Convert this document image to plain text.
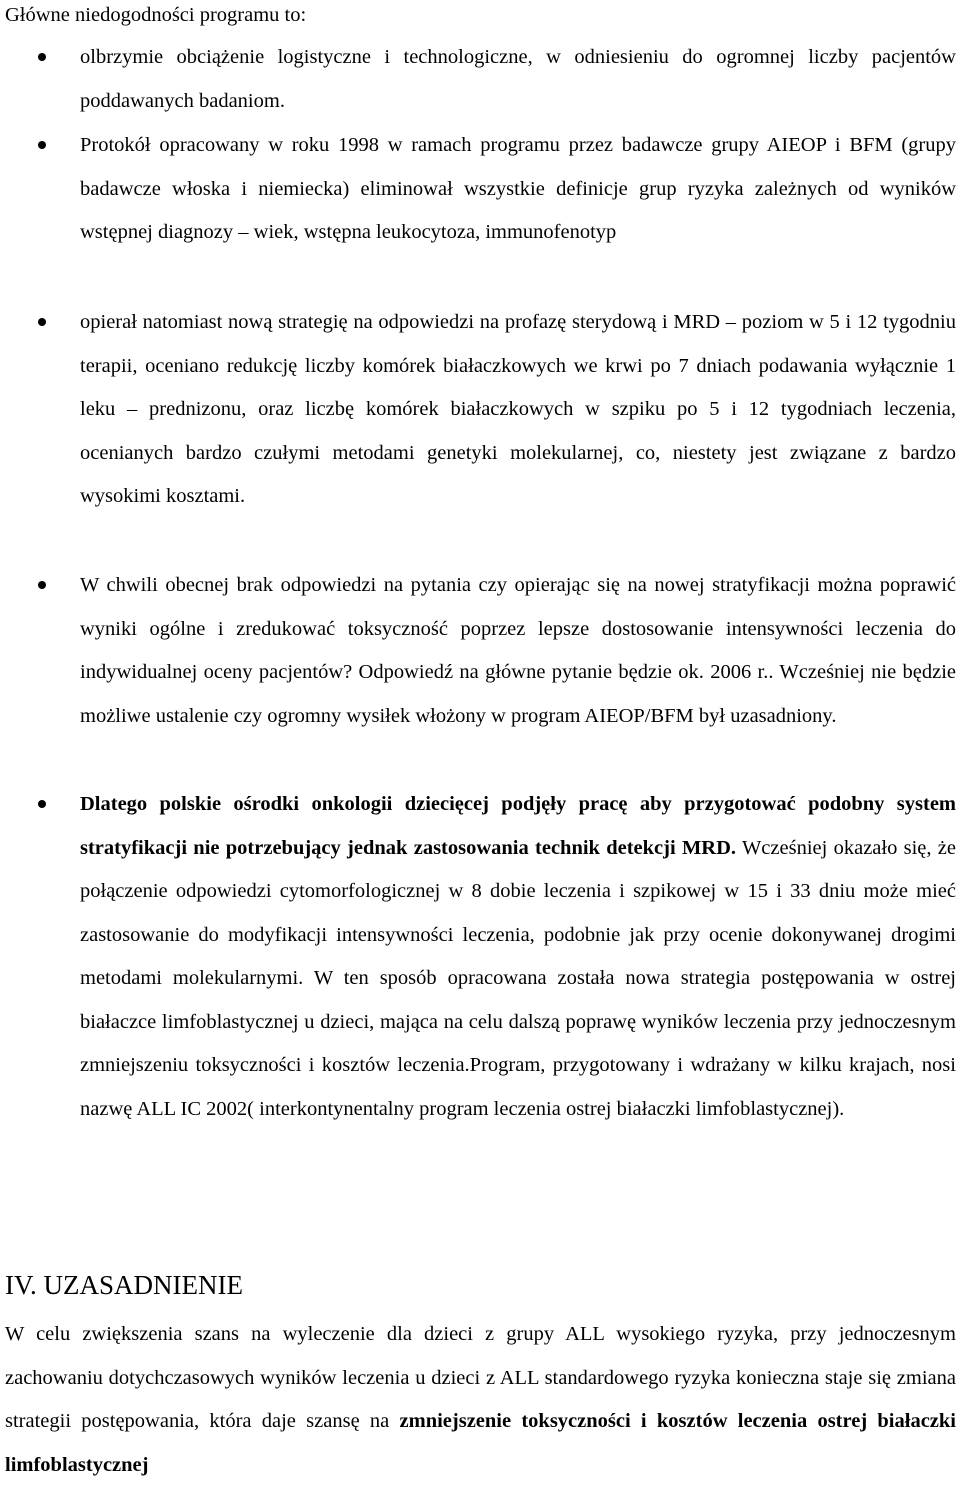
Główne niedogodności programu to:

olbrzymie obciążenie logistyczne i technologiczne, w odniesieniu do ogromnej liczby pacjentów poddawanych badaniom.
Protokół opracowany w roku 1998 w ramach programu przez badawcze grupy AIEOP i BFM (grupy badawcze włoska i niemiecka) eliminował wszystkie definicje grup ryzyka zależnych od wyników wstępnej diagnozy – wiek, wstępna leukocytoza, immunofenotyp
opierał natomiast nową strategię na odpowiedzi na profazę sterydową i MRD – poziom w 5 i 12 tygodniu terapii, oceniano redukcję liczby komórek białaczkowych we krwi po 7 dniach podawania wyłącznie 1 leku – prednizonu, oraz liczbę komórek białaczkowych w szpiku po 5 i 12 tygodniach leczenia, ocenianych bardzo czułymi metodami genetyki molekularnej, co, niestety jest związane z bardzo wysokimi kosztami.
W chwili obecnej brak odpowiedzi na pytania czy opierając się na nowej stratyfikacji można poprawić wyniki ogólne i zredukować toksyczność poprzez lepsze dostosowanie intensywności leczenia do indywidualnej oceny pacjentów? Odpowiedź na główne pytanie będzie ok. 2006 r.. Wcześniej nie będzie możliwe ustalenie czy ogromny wysiłek włożony w program AIEOP/BFM był uzasadniony.
Dlatego polskie ośrodki onkologii dziecięcej podjęły pracę aby przygotować podobny system stratyfikacji nie potrzebujący jednak zastosowania technik detekcji MRD. Wcześniej okazało się, że połączenie odpowiedzi cytomorfologicznej w 8 dobie leczenia i szpikowej w 15 i 33 dniu może mieć zastosowanie do modyfikacji intensywności leczenia, podobnie jak przy ocenie dokonywanej drogimi metodami molekularnymi. W ten sposób opracowana została nowa strategia postępowania w ostrej białaczce limfoblastycznej u dzieci, mająca na celu dalszą poprawę wyników leczenia przy jednoczesnym zmniejszeniu toksyczności i kosztów leczenia.Program, przygotowany i wdrażany w kilku krajach, nosi nazwę ALL IC 2002( interkontynentalny program leczenia ostrej białaczki limfoblastycznej).
IV. UZASADNIENIE

W celu zwiększenia szans na wyleczenie dla dzieci z grupy ALL wysokiego ryzyka, przy jednoczesnym zachowaniu dotychczasowych wyników leczenia u dzieci z ALL standardowego ryzyka konieczna staje się zmiana strategii postępowania, która daje szansę na zmniejszenie toksyczności i kosztów leczenia ostrej białaczki limfoblastycznej
